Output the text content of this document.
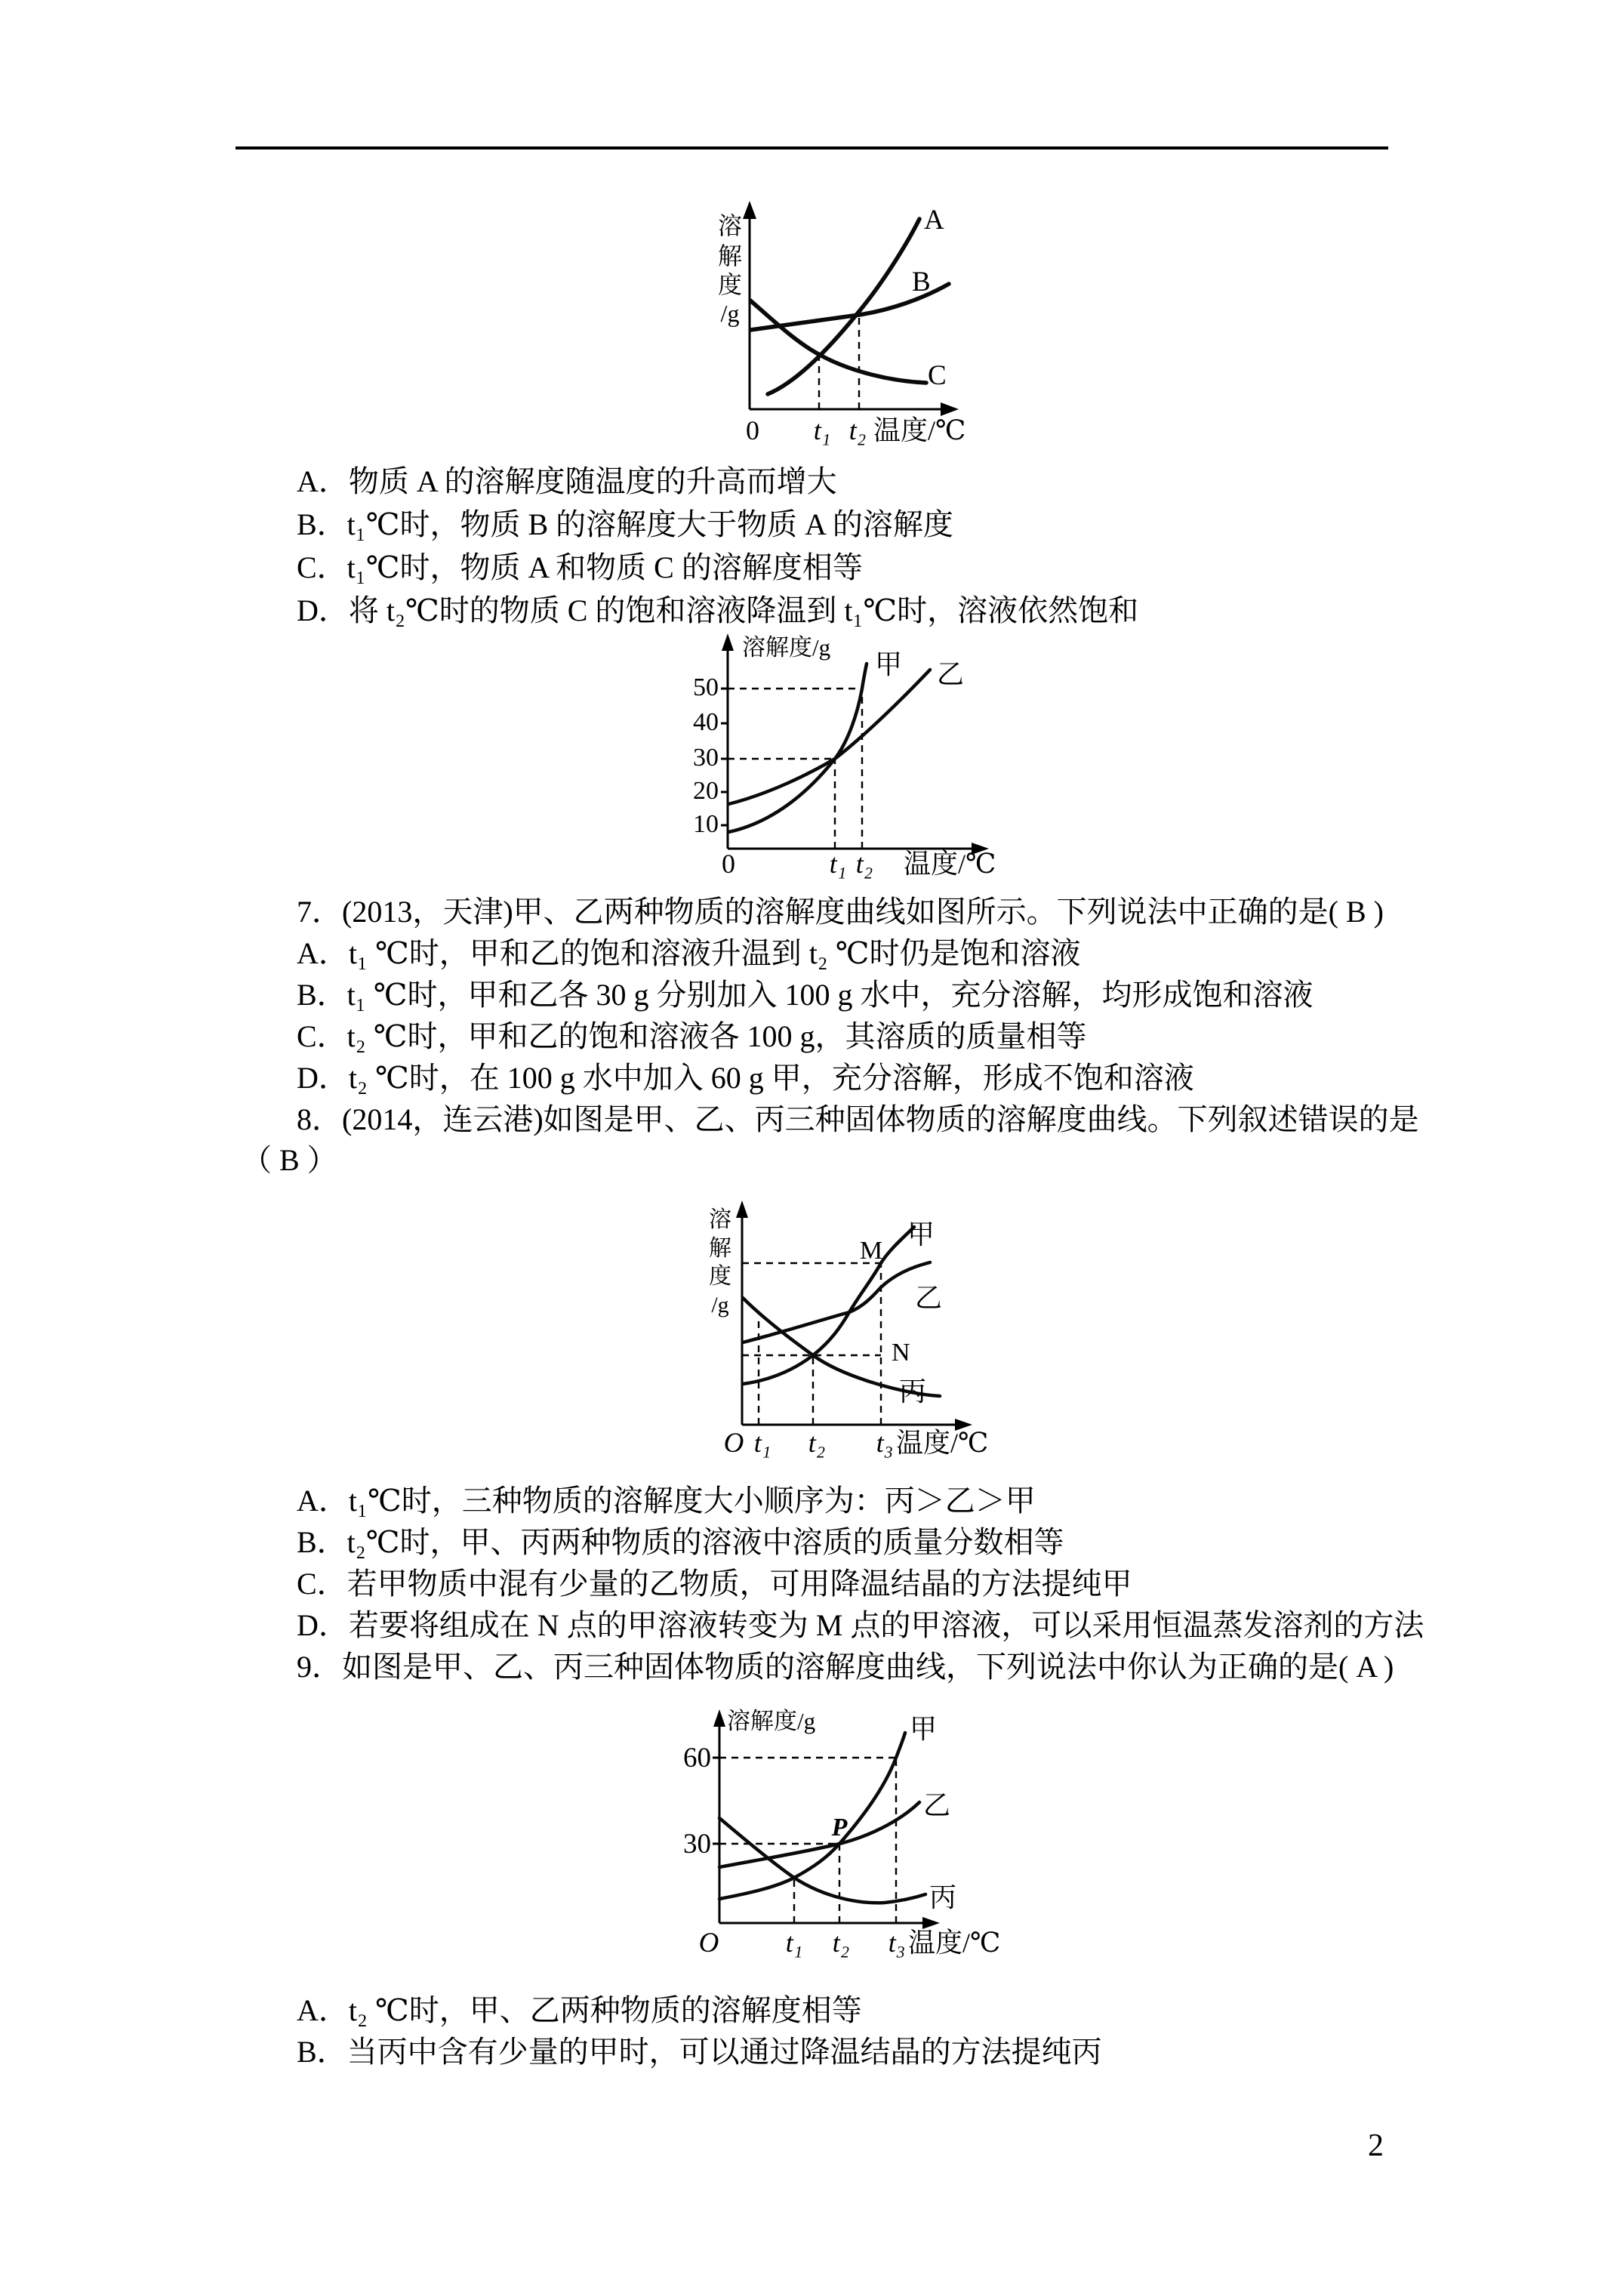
溶
解
度
/g
A
B
C
0 t₁ t₂ 温度/℃
A．物质 A 的溶解度随温度的升高而增大
B．t₁℃时，物质 B 的溶解度大于物质 A 的溶解度
C．t₁℃时，物质 A 和物质 C 的溶解度相等
D．将 t₂℃时的物质 C 的饱和溶液降温到 t₁℃时，溶液依然饱和
溶解度/g
50
40
30
20
10
甲 乙
0	t₁ t₂ 温度/℃
7．(2013，天津)甲、乙两种物质的溶解度曲线如图所示。下列说法中正确的是( B )
A．t₁ ℃时，甲和乙的饱和溶液升温到 t₂ ℃时仍是饱和溶液
B．t₁ ℃时，甲和乙各 30 g 分别加入 100 g 水中，充分溶解，均形成饱和溶液
C．t₂ ℃时，甲和乙的饱和溶液各 100 g，其溶质的质量相等
D．t₂ ℃时，在 100 g 水中加入 60 g 甲，充分溶解，形成不饱和溶液
8．(2014，连云港)如图是甲、乙、丙三种固体物质的溶解度曲线。下列叙述错误的是
（ B ）
溶
解
度
/g
M
N
甲
乙
丙
O t₁ t₂ t₃ 温度/℃
A．t₁℃时，三种物质的溶解度大小顺序为：丙＞乙＞甲
B．t₂℃时，甲、丙两种物质的溶液中溶质的质量分数相等
C．若甲物质中混有少量的乙物质，可用降温结晶的方法提纯甲
D．若要将组成在 N 点的甲溶液转变为 M 点的甲溶液，可以采用恒温蒸发溶剂的方法
9．如图是甲、乙、丙三种固体物质的溶解度曲线，下列说法中你认为正确的是( A )
溶解度/g
60
30
P
甲
乙
丙
O t₁ t₂ t₃ 温度/℃
A．t₂ ℃时，甲、乙两种物质的溶解度相等
B．当丙中含有少量的甲时，可以通过降温结晶的方法提纯丙
2
